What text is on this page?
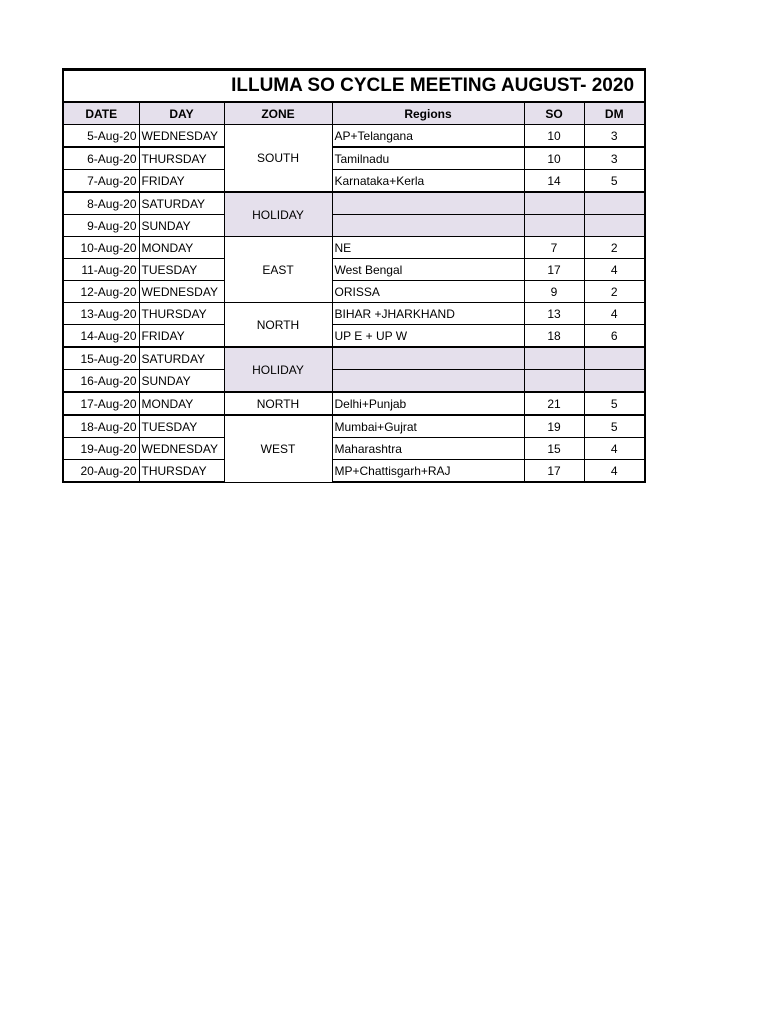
ILLUMA SO CYCLE MEETING AUGUST- 2020					
DATE	DAY	ZONE	Regions	SO	DM
5-Aug-20	WEDNESDAY	SOUTH	AP+Telangana	10	3
6-Aug-20	THURSDAY		Tamilnadu	10	3
7-Aug-20	FRIDAY		Karnataka+Kerla	14	5
8-Aug-20	SATURDAY	HOLIDAY			
9-Aug-20	SUNDAY				
10-Aug-20	MONDAY	EAST	NE	7	2
11-Aug-20	TUESDAY		West Bengal	17	4
12-Aug-20	WEDNESDAY		ORISSA	9	2
13-Aug-20	THURSDAY	NORTH	BIHAR +JHARKHAND	13	4
14-Aug-20	FRIDAY		UP E + UP W	18	6
15-Aug-20	SATURDAY	HOLIDAY			
16-Aug-20	SUNDAY				
17-Aug-20	MONDAY	NORTH	Delhi+Punjab	21	5
18-Aug-20	TUESDAY	WEST	Mumbai+Gujrat	19	5
19-Aug-20	WEDNESDAY		Maharashtra	15	4
20-Aug-20	THURSDAY		MP+Chattisgarh+RAJ	17	4
